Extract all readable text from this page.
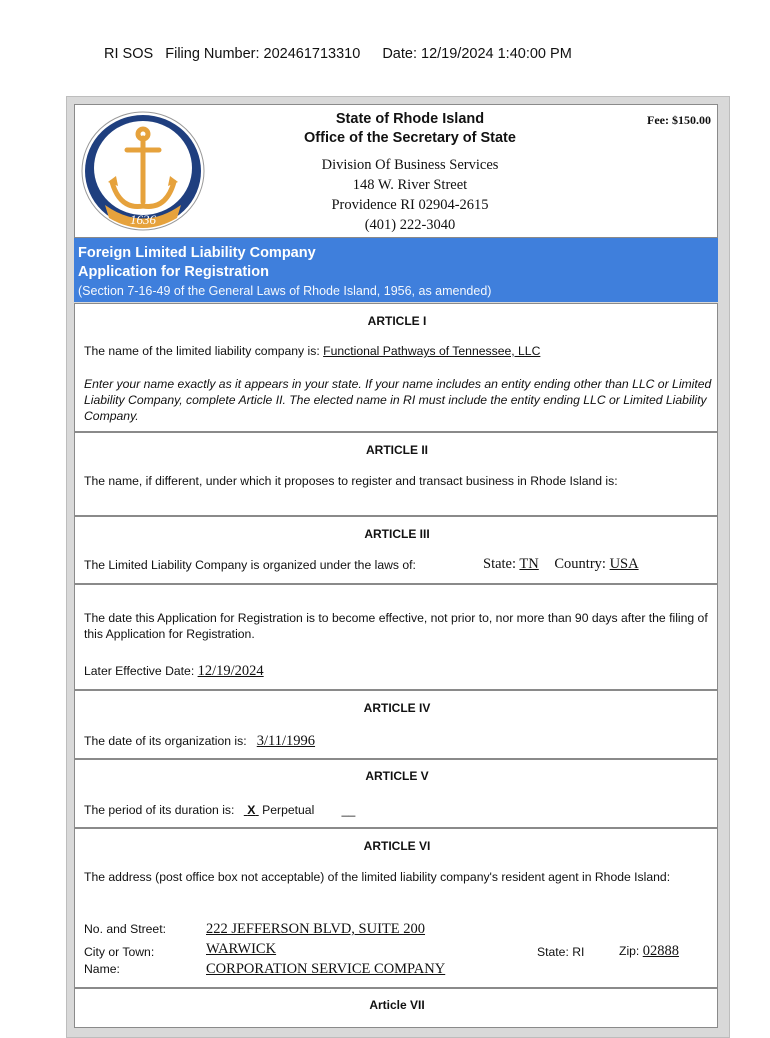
RI SOS   Filing Number: 202461713310 Date: 12/19/2024 1:40:00 PM
1636
State of Rhode Island
Office of the Secretary of State
Division Of Business Services
148 W. River Street
Providence RI 02904-2615
(401) 222-3040
Fee: $150.00
Foreign Limited Liability Company
Application for Registration
(Section 7-16-49 of the General Laws of Rhode Island, 1956, as amended)
ARTICLE I
The name of the limited liability company is: Functional Pathways of Tennessee, LLC
Enter your name exactly as it appears in your state. If your name includes an entity ending other than LLC or Limited Liability Company, complete Article II. The elected name in RI must include the entity ending LLC or Limited Liability Company.
ARTICLE II
The name, if different, under which it proposes to register and transact business in Rhode Island is:
ARTICLE III
The Limited Liability Company is organized under the laws of:	State: TN Country: USA
The date this Application for Registration is to become effective, not prior to, nor more than 90 days after the filing of this Application for Registration.
Later Effective Date: 12/19/2024
ARTICLE IV
The date of its organization is: 3/11/1996
ARTICLE V
The period of its duration is: X Perpetual __
ARTICLE VI
The address (post office box not acceptable) of the limited liability company's resident agent in Rhode Island:
No. and Street:	222 JEFFERSON BLVD, SUITE 200
City or Town:	WARWICK	State: RI	Zip: 02888
Name:	CORPORATION SERVICE COMPANY
Article VII
